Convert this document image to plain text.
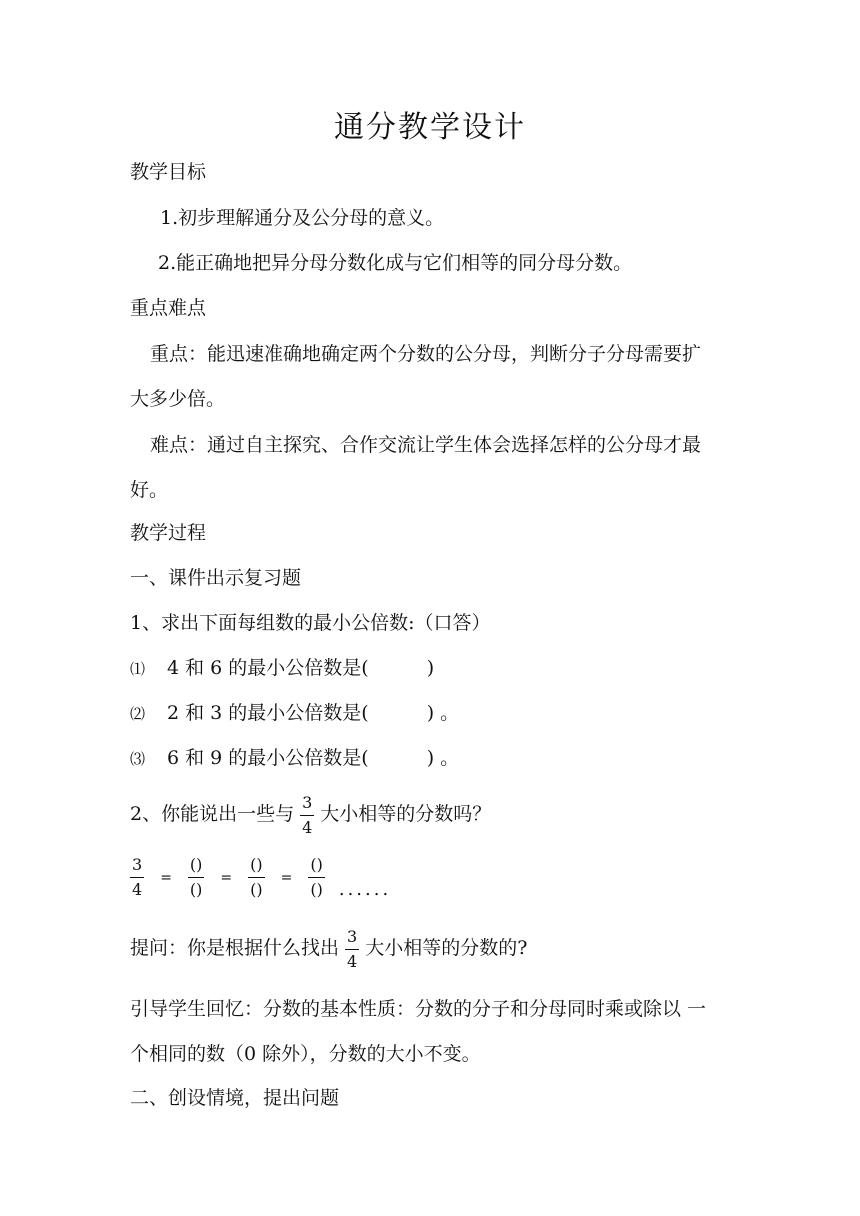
通分教学设计
教学目标
1.初步理解通分及公分母的意义。
2.能正确地把异分母分数化成与它们相等的同分母分数。
重点难点
重点：能迅速准确地确定两个分数的公分母，判断分子分母需要扩
大多少倍。
难点：通过自主探究、合作交流让学生体会选择怎样的公分母才最
好。
教学过程
一、课件出示复习题
1、求出下面每组数的最小公倍数:（口答）
⑴ 4 和 6 的最小公倍数是(	)
⑵ 2 和 3 的最小公倍数是(	) 。
⑶ 6 和 9 的最小公倍数是(	) 。
2、你能说出一些与 $\frac{3}{4}$ 大小相等的分数吗？
$\frac{3}{4} = \frac{()}{()} = \frac{()}{()} = \frac{()}{()}$ ......
提问：你是根据什么找出 $\frac{3}{4}$ 大小相等的分数的?
引导学生回忆：分数的基本性质：分数的分子和分母同时乘或除以 一
个相同的数（0 除外），分数的大小不变。
二、创设情境，提出问题
